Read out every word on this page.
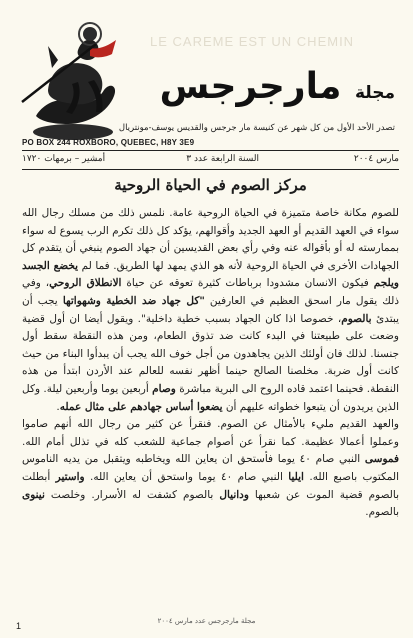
LE CAREME EST UN CHEMIN
مجلة مارجرجس
تصدر الأحد الأول من كل شهر عن كنيسة مار جرجس والقديس يوسف-مونتريال
PO BOX 244 ROXBORO, QUEBEC, H8Y 3E9
مارس ٢٠٠٤
السنة الرابعة عدد ٣
أمشير – برمهات ١٧٢٠
مركز الصوم في الحياة الروحية

للصوم مكانة خاصة متميزة في الحياة الروحية عامة. نلمس ذلك من مسلك رجال الله سواء في العهد القديم أو العهد الجديد وأقوالهم، يؤكد كل ذلك تكرم الرب يسوع له سواء بممارسته له أو بأقواله عنه وفي رأي بعض القديسين أن جهاد الصوم ينبغي أن يتقدم كل الجهادات الأخرى في الحياة الروحية لأنه هو الذي يمهد لها الطريق. فما لم يخضع الجسد ويلجم فيكون الانسان مشدودا برباطات كثيرة تعوقه عن حياة الانطلاق الروحي، وفي ذلك يقول مار اسحق العظيم في العارفين "كل جهاد ضد الخطية وشهواتها يجب أن يبتدئ بالصوم، خصوصا اذا كان الجهاد بسبب خطية داخلية". ويقول أيضا ان أول قضية وضعت على طبيعتنا في البدء كانت ضد تذوق الطعام، ومن هذه النقطة سقط أول جنسنا. لذلك فان أولئك الذين يجاهدون من أجل خوف الله يجب أن يبدأوا البناء من حيث كانت أول ضربة. مخلصنا الصالح حينما أظهر نفسه للعالم عند الأردن ابتدأ من هذه النقطة. فحينما اعتمد قاده الروح الى البرية مباشرة وصام أربعين يوما وأربعين ليلة. وكل الذين يريدون أن يتبعوا خطواته عليهم أن يضعوا أساس جهادهم على مثال عمله.

والعهد القديم مليء بالأمثال عن الصوم. فنقرأ عن كثير من رجال الله أنهم صاموا وعملوا أعمالا عظيمة. كما نقرأ عن أصوام جماعية للشعب كله في تذلل أمام الله. فموسى النبي صام ٤٠ يوما فأستحق ان يعاين الله ويخاطبه ويتقبل من يديه الناموس المكتوب باصبع الله. ايليا النبي صام ٤٠ يوما واستحق أن يعاين الله. واستير أبطلت بالصوم قضية الموت عن شعبها ودانيال بالصوم كشفت له الأسرار. وخلصت نينوى بالصوم.

مجلة مارجرجس عدد مارس ٢٠٠٤
1
